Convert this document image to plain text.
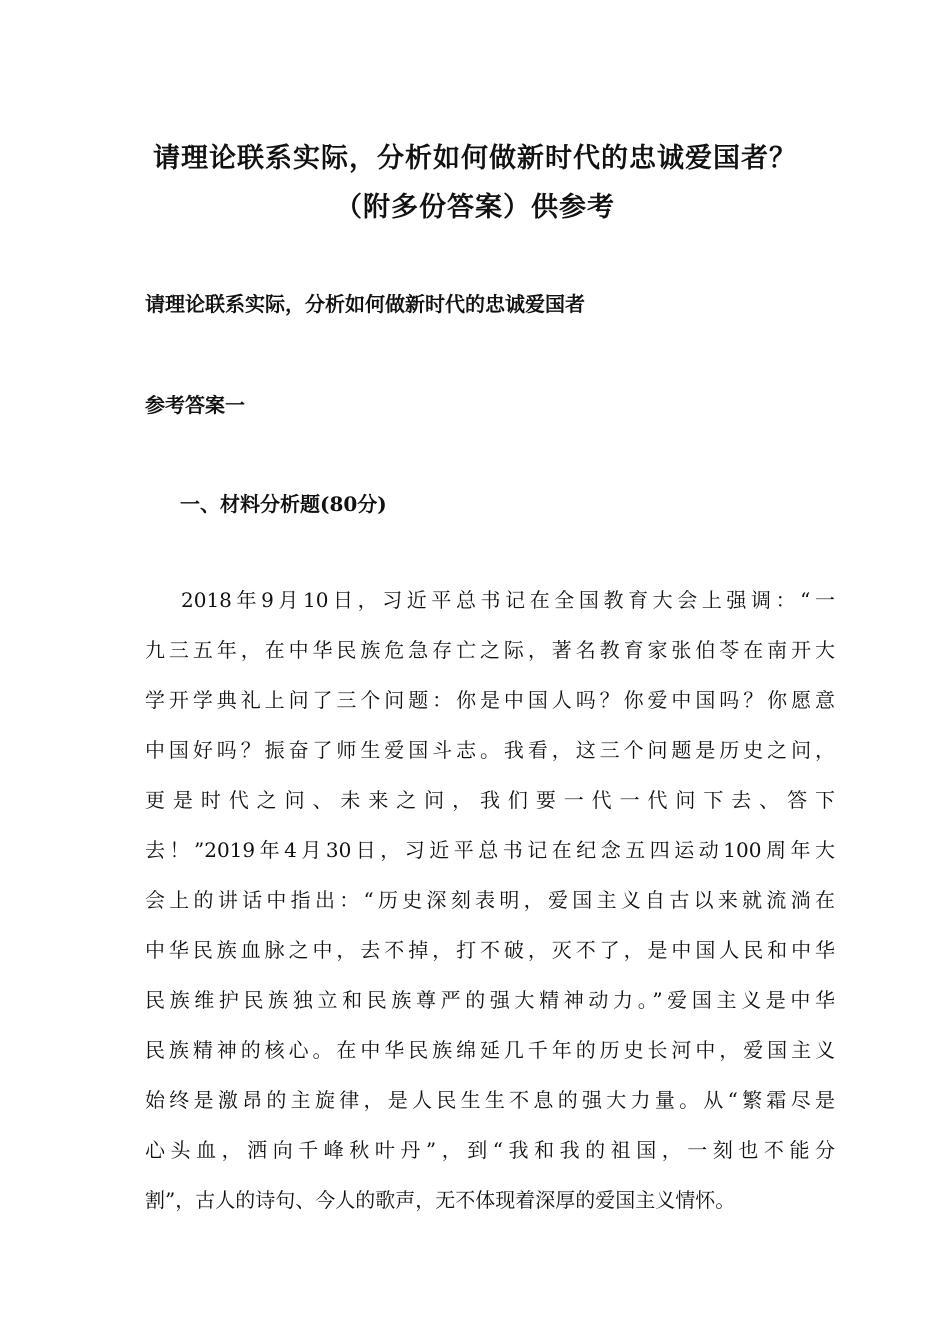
请理论联系实际，分析如何做新时代的忠诚爱国者？
（附多份答案）供参考
请理论联系实际，分析如何做新时代的忠诚爱国者
参考答案一
一、材料分析题(80分)
2018年9月10日，习近平总书记在全国教育大会上强调：“一
九三五年，在中华民族危急存亡之际，著名教育家张伯苓在南开大
学开学典礼上问了三个问题：你是中国人吗？你爱中国吗？你愿意
中国好吗？振奋了师生爱国斗志。我看，这三个问题是历史之问，
更是时代之问、未来之问，我们要一代一代问下去、答下
去！”2019年4月30日，习近平总书记在纪念五四运动100周年大
会上的讲话中指出：“历史深刻表明，爱国主义自古以来就流淌在
中华民族血脉之中，去不掉，打不破，灭不了，是中国人民和中华
民族维护民族独立和民族尊严的强大精神动力。”爱国主义是中华
民族精神的核心。在中华民族绵延几千年的历史长河中，爱国主义
始终是激昂的主旋律，是人民生生不息的强大力量。从“繁霜尽是
心头血，洒向千峰秋叶丹”，到“我和我的祖国，一刻也不能分
割”，古人的诗句、今人的歌声，无不体现着深厚的爱国主义情怀。
